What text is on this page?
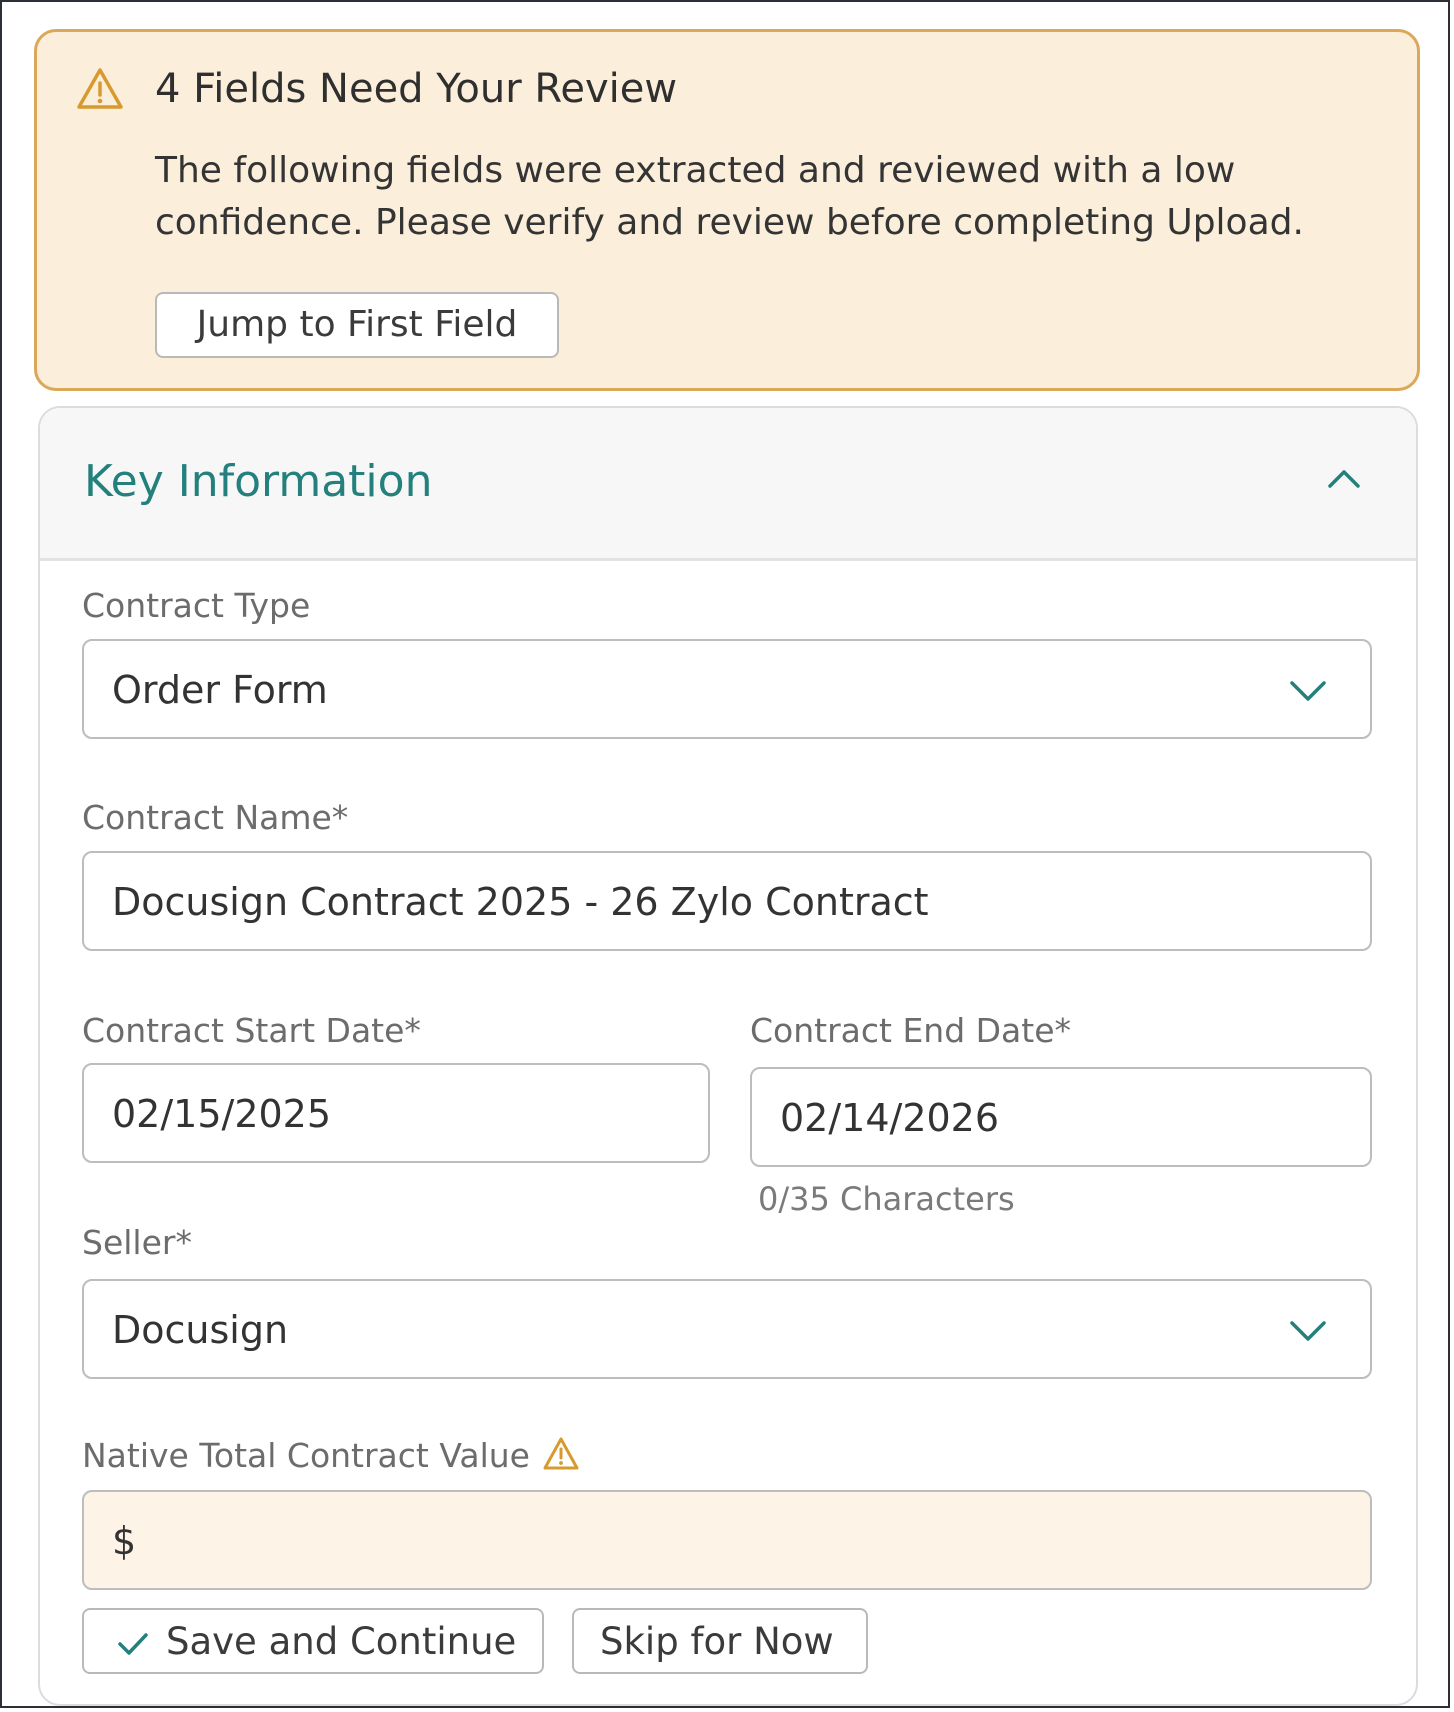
4 Fields Need Your Review
The following fields were extracted and reviewed with a low confidence. Please verify and review before completing Upload.
Jump to First Field
Key Information
Contract Type
Order Form
Contract Name*
Docusign Contract 2025 - 26 Zylo Contract
Contract Start Date*
02/15/2025
Contract End Date*
02/14/2026
0/35 Characters
Seller*
Docusign
Native Total Contract Value
$
Save and Continue Skip for Now
